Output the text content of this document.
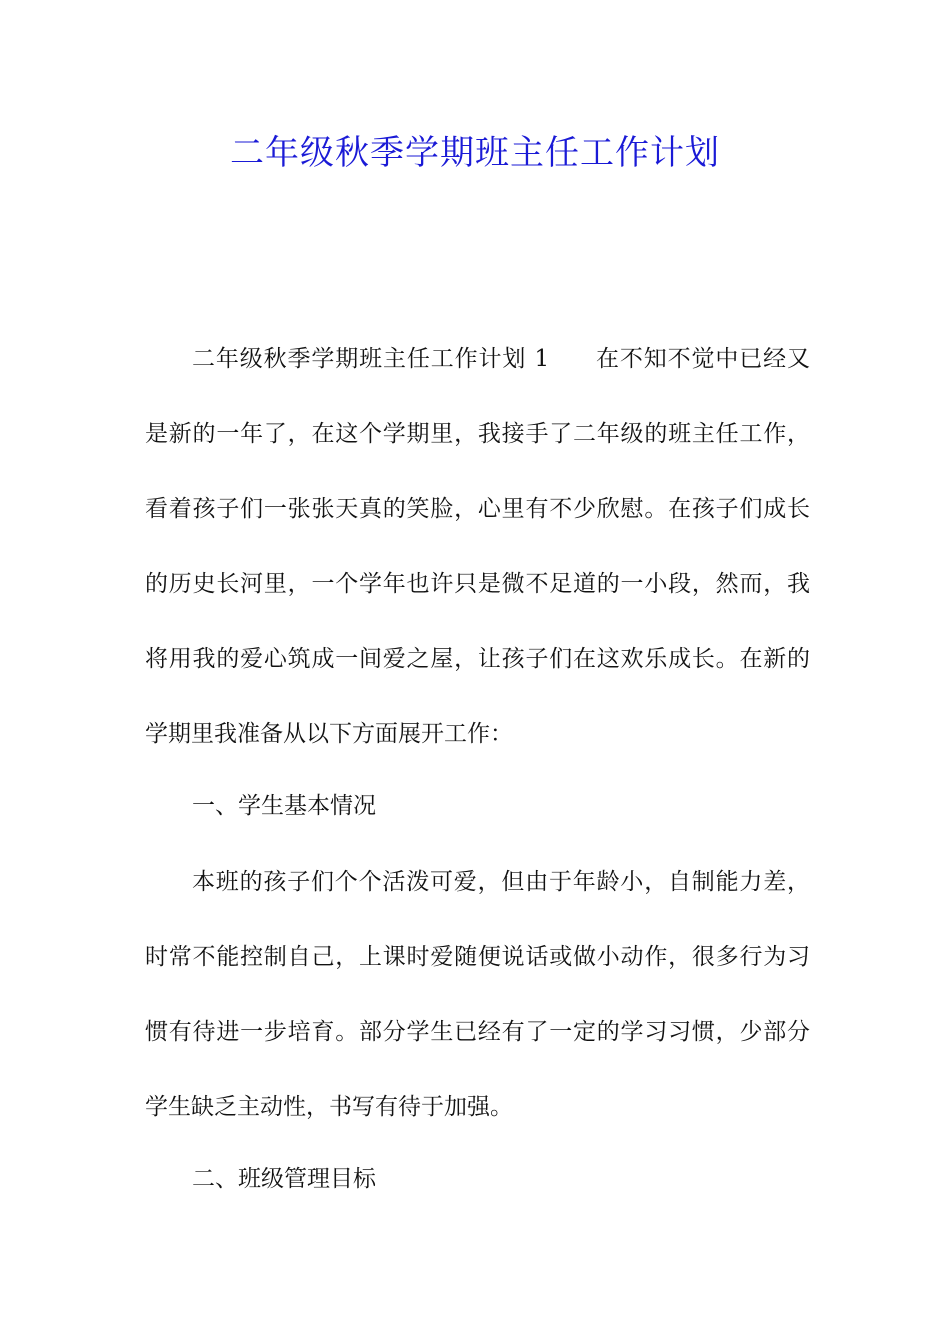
二年级秋季学期班主任工作计划

二年级秋季学期班主任工作计划 1 在不知不觉中已经又是新的一年了，在这个学期里，我接手了二年级的班主任工作，看着孩子们一张张天真的笑脸，心里有不少欣慰。在孩子们成长的历史长河里，一个学年也许只是微不足道的一小段，然而，我将用我的爱心筑成一间爱之屋，让孩子们在这欢乐成长。在新的学期里我准备从以下方面展开工作：

一、学生基本情况

本班的孩子们个个活泼可爱，但由于年龄小，自制能力差，时常不能控制自己，上课时爱随便说话或做小动作，很多行为习惯有待进一步培育。部分学生已经有了一定的学习习惯，少部分学生缺乏主动性，书写有待于加强。

二、班级管理目标
